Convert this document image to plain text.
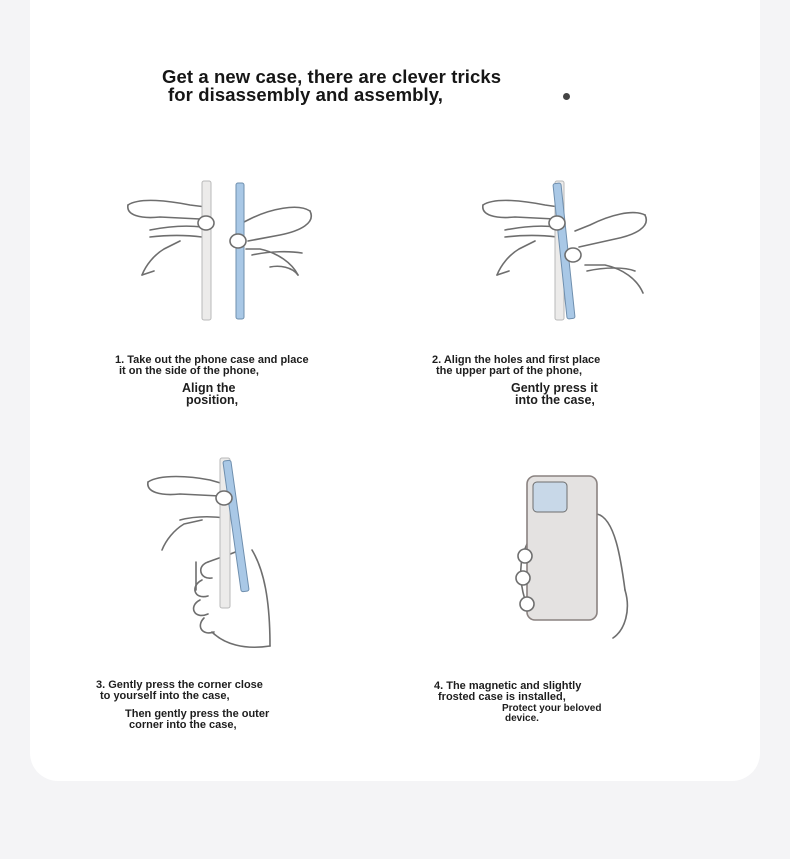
Get a new case, there are clever tricks
for disassembly and assembly,
1. Take out the phone case and place
it on the side of the phone,
Align the
position,
2. Align the holes and first place
the upper part of the phone,
Gently press it
into the case,
3. Gently press the corner close
to yourself into the case,
Then gently press the outer
corner into the case,
4. The magnetic and slightly
frosted case is installed,
Protect your beloved
device.
